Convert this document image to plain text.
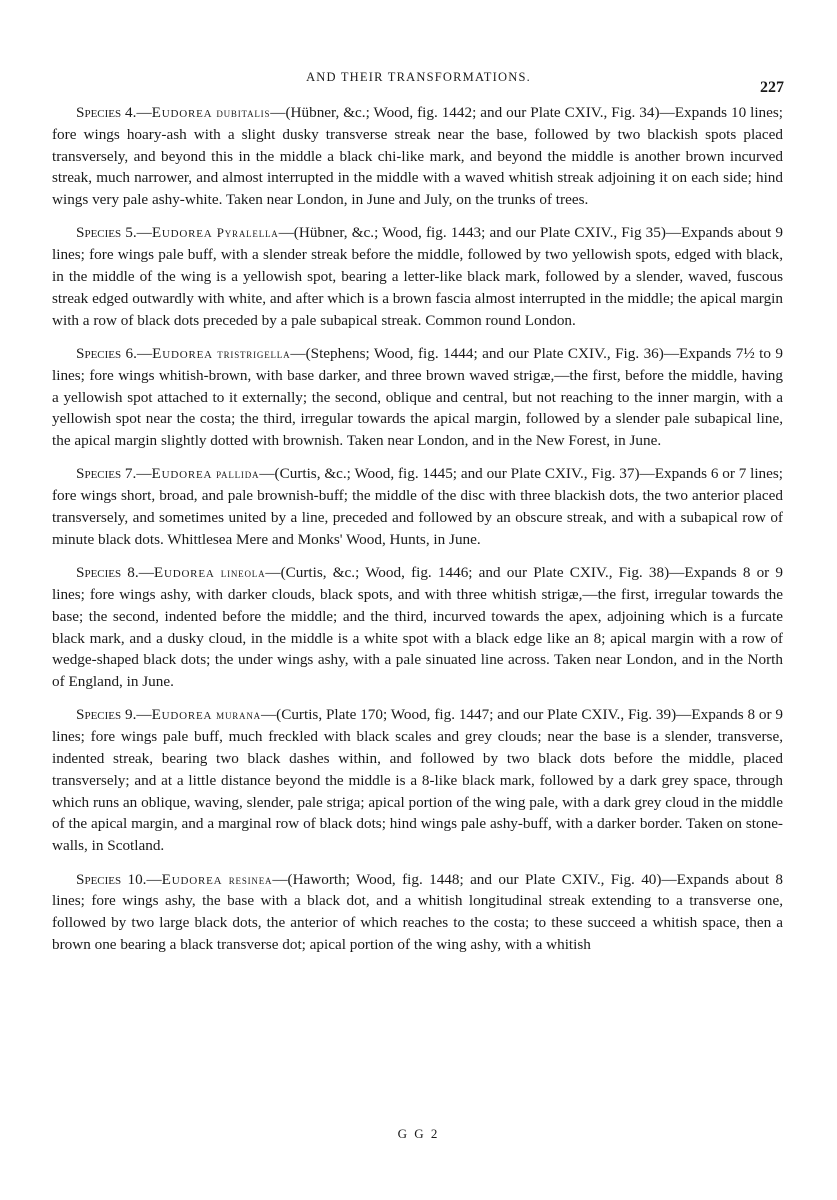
AND THEIR TRANSFORMATIONS.
227

Species 4.—Eudorea dubitalis—(Hübner, &c.; Wood, fig. 1442; and our Plate CXIV., Fig. 34)—Expands 10 lines; fore wings hoary-ash with a slight dusky transverse streak near the base, followed by two blackish spots placed transversely, and beyond this in the middle a black chi-like mark, and beyond the middle is another brown incurved streak, much narrower, and almost interrupted in the middle with a waved whitish streak adjoining it on each side; hind wings very pale ashy-white. Taken near London, in June and July, on the trunks of trees.

Species 5.—Eudorea Pyralella—(Hübner, &c.; Wood, fig. 1443; and our Plate CXIV., Fig 35)—Expands about 9 lines; fore wings pale buff, with a slender streak before the middle, followed by two yellowish spots, edged with black, in the middle of the wing is a yellowish spot, bearing a letter-like black mark, followed by a slender, waved, fuscous streak edged outwardly with white, and after which is a brown fascia almost interrupted in the middle; the apical margin with a row of black dots preceded by a pale subapical streak. Common round London.

Species 6.—Eudorea tristrigella—(Stephens; Wood, fig. 1444; and our Plate CXIV., Fig. 36)—Expands 7½ to 9 lines; fore wings whitish-brown, with base darker, and three brown waved strigæ,—the first, before the middle, having a yellowish spot attached to it externally; the second, oblique and central, but not reaching to the inner margin, with a yellowish spot near the costa; the third, irregular towards the apical margin, followed by a slender pale subapical line, the apical margin slightly dotted with brownish. Taken near London, and in the New Forest, in June.

Species 7.—Eudorea pallida—(Curtis, &c.; Wood, fig. 1445; and our Plate CXIV., Fig. 37)—Expands 6 or 7 lines; fore wings short, broad, and pale brownish-buff; the middle of the disc with three blackish dots, the two anterior placed transversely, and sometimes united by a line, preceded and followed by an obscure streak, and with a subapical row of minute black dots. Whittlesea Mere and Monks' Wood, Hunts, in June.

Species 8.—Eudorea lineola—(Curtis, &c.; Wood, fig. 1446; and our Plate CXIV., Fig. 38)—Expands 8 or 9 lines; fore wings ashy, with darker clouds, black spots, and with three whitish strigæ,—the first, irregular towards the base; the second, indented before the middle; and the third, incurved towards the apex, adjoining which is a furcate black mark, and a dusky cloud, in the middle is a white spot with a black edge like an 8; apical margin with a row of wedge-shaped black dots; the under wings ashy, with a pale sinuated line across. Taken near London, and in the North of England, in June.

Species 9.—Eudorea murana—(Curtis, Plate 170; Wood, fig. 1447; and our Plate CXIV., Fig. 39)—Expands 8 or 9 lines; fore wings pale buff, much freckled with black scales and grey clouds; near the base is a slender, transverse, indented streak, bearing two black dashes within, and followed by two black dots before the middle, placed transversely; and at a little distance beyond the middle is a 8-like black mark, followed by a dark grey space, through which runs an oblique, waving, slender, pale striga; apical portion of the wing pale, with a dark grey cloud in the middle of the apical margin, and a marginal row of black dots; hind wings pale ashy-buff, with a darker border. Taken on stone-walls, in Scotland.

Species 10.—Eudorea resinea—(Haworth; Wood, fig. 1448; and our Plate CXIV., Fig. 40)—Expands about 8 lines; fore wings ashy, the base with a black dot, and a whitish longitudinal streak extending to a transverse one, followed by two large black dots, the anterior of which reaches to the costa; to these succeed a whitish space, then a brown one bearing a black transverse dot; apical portion of the wing ashy, with a whitish

G G 2
